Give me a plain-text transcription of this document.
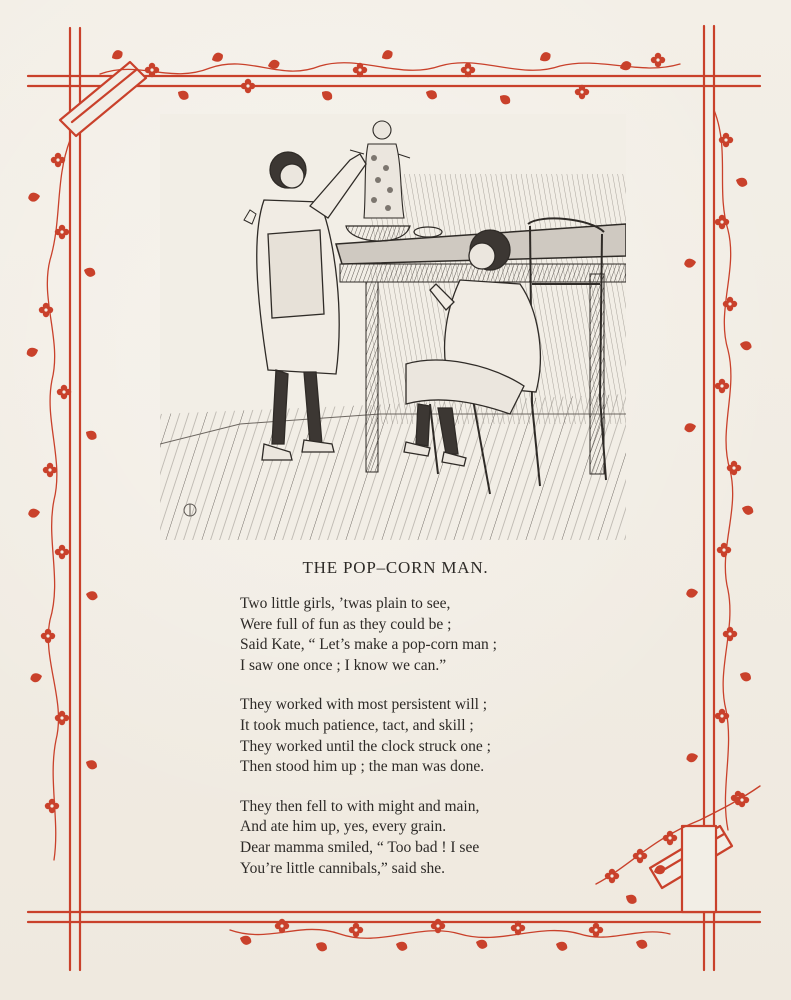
THE POP–CORN MAN.
Two little girls, ’twas plain to see,
Were full of fun as they could be ;
Said Kate, “ Let’s make a pop-corn man ;
I saw one once ; I know we can.”
They worked with most persistent will ;
It took much patience, tact, and skill ;
They worked until the clock struck one ;
Then stood him up ; the man was done.
They then fell to with might and main,
And ate him up, yes, every grain.
Dear mamma smiled, “ Too bad ! I see
You’re little cannibals,” said she.
